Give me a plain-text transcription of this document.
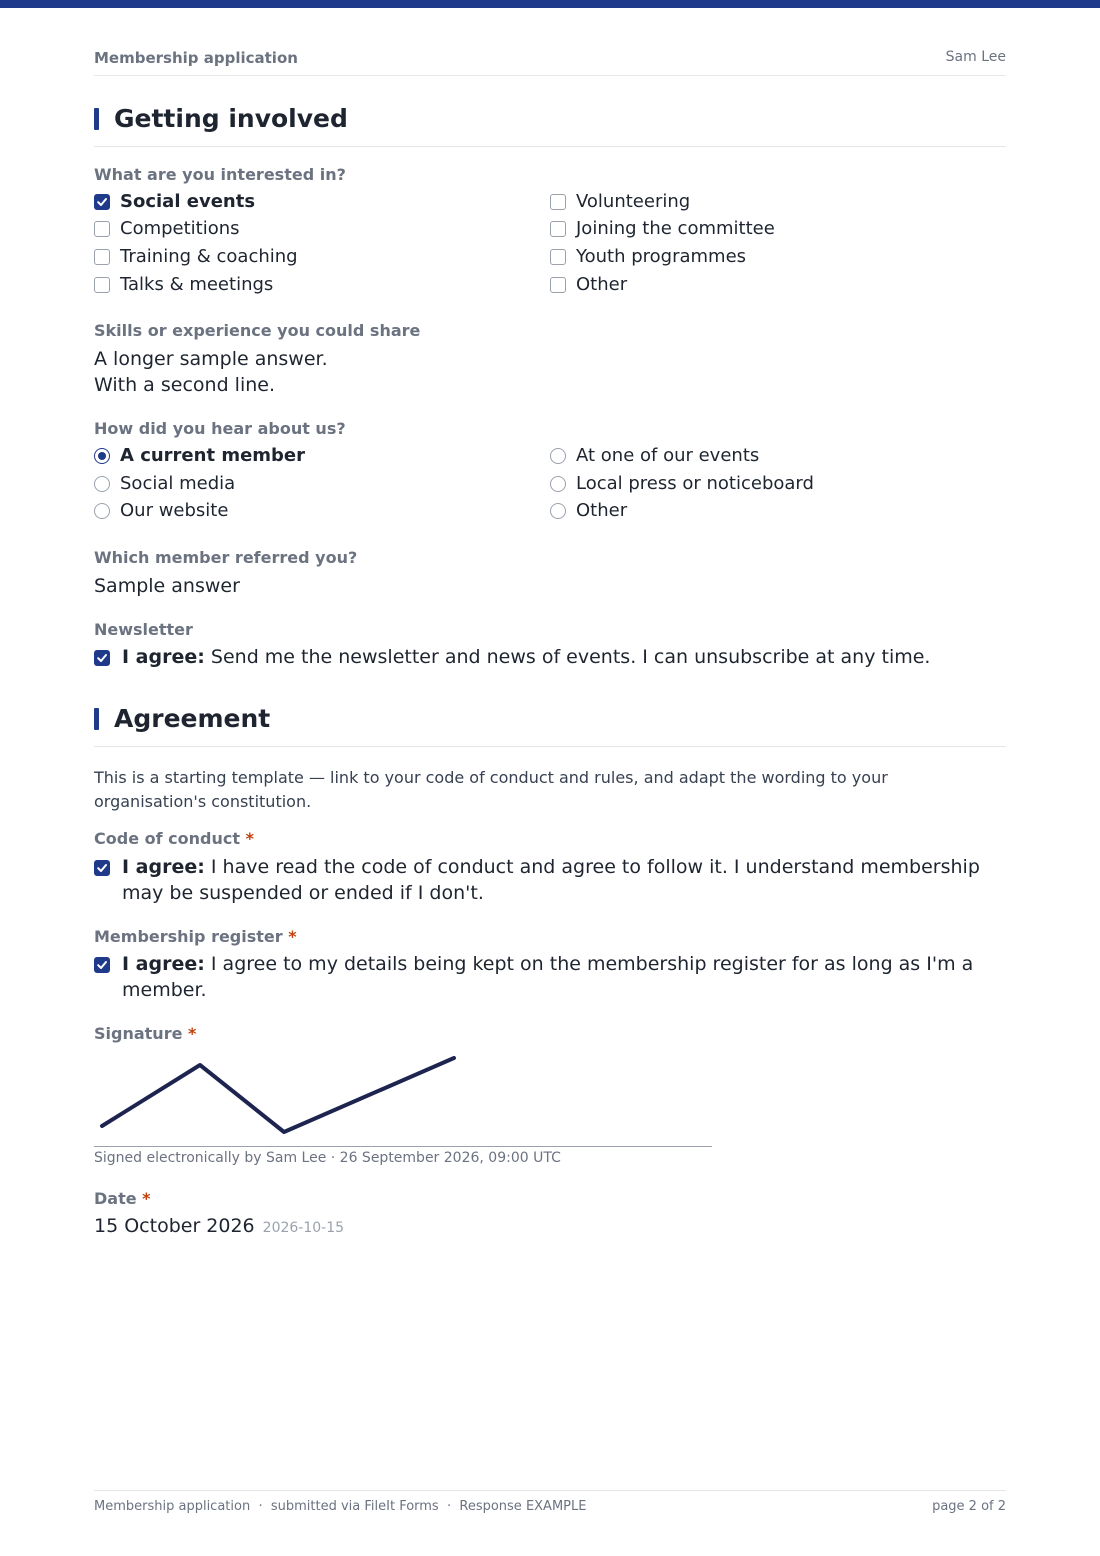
Membership application	Sam Lee
Getting involved
What are you interested in?
Social events
Competitions
Training & coaching
Talks & meetings
Volunteering
Joining the committee
Youth programmes
Other
Skills or experience you could share
A longer sample answer.
With a second line.
How did you hear about us?
A current member
Social media
Our website
At one of our events
Local press or noticeboard
Other
Which member referred you?
Sample answer
Newsletter
I agree: Send me the newsletter and news of events. I can unsubscribe at any time.
Agreement
This is a starting template — link to your code of conduct and rules, and adapt the wording to your organisation's constitution.
Code of conduct *
I agree: I have read the code of conduct and agree to follow it. I understand membership may be suspended or ended if I don't.
Membership register *
I agree: I agree to my details being kept on the membership register for as long as I'm a member.
Signature *
Signed electronically by Sam Lee · 26 September 2026, 09:00 UTC
Date *
15 October 2026 2026-10-15
Membership application  ·  submitted via FileIt Forms  ·  Response EXAMPLE	page 2 of 2
